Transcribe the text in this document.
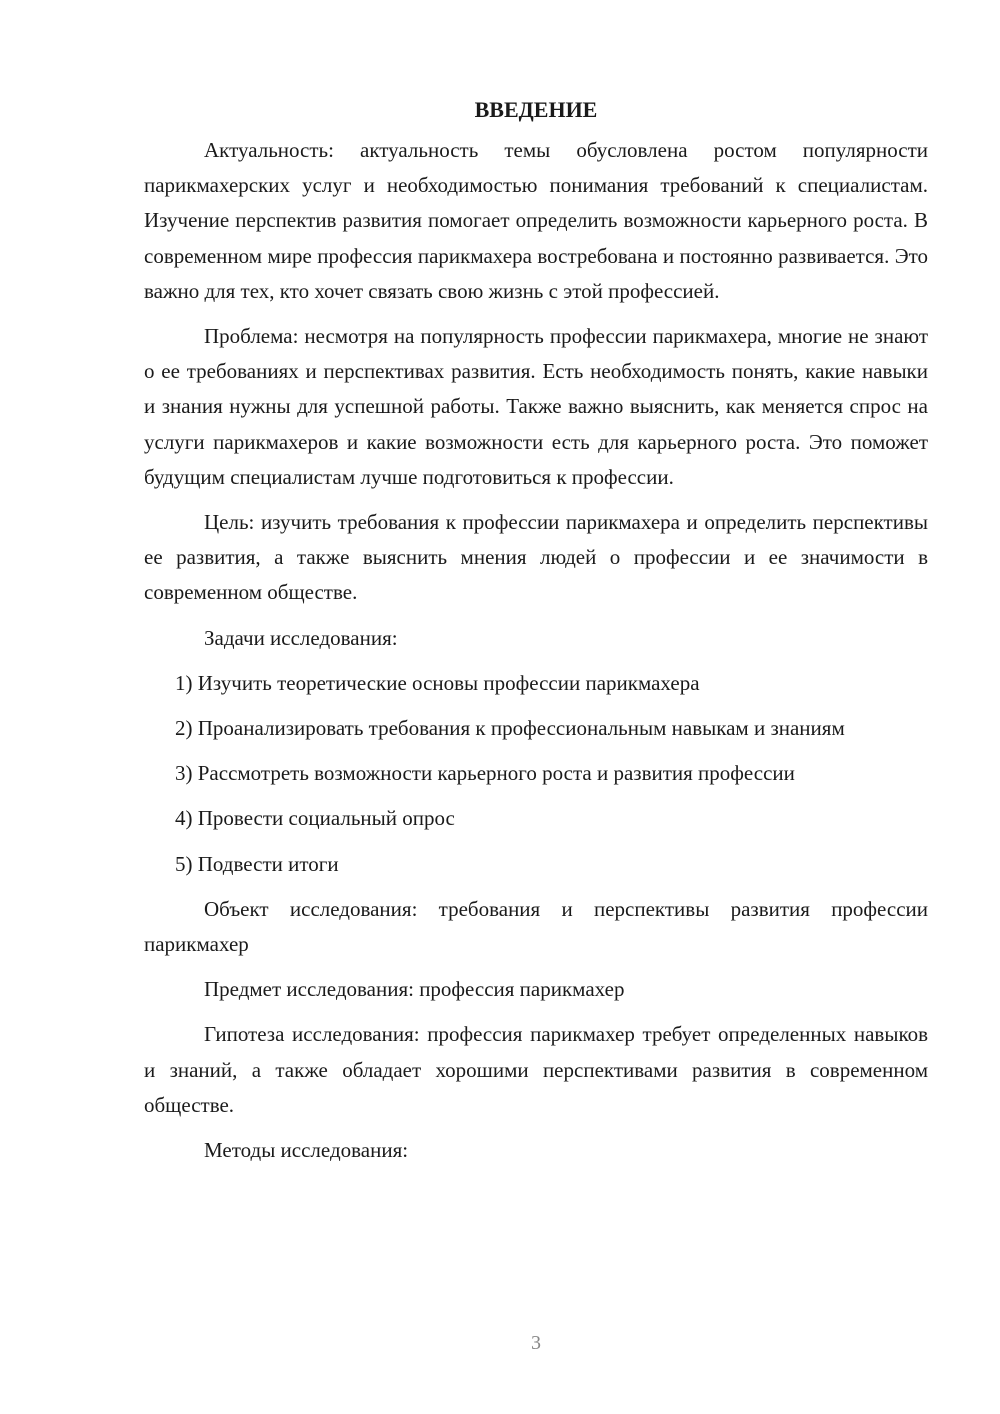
ВВЕДЕНИЕ

Актуальность: актуальность темы обусловлена ростом популярности парикмахерских услуг и необходимостью понимания требований к специалистам. Изучение перспектив развития помогает определить возможности карьерного роста. В современном мире профессия парикмахера востребована и постоянно развивается. Это важно для тех, кто хочет связать свою жизнь с этой профессией.

Проблема: несмотря на популярность профессии парикмахера, многие не знают о ее требованиях и перспективах развития. Есть необходимость понять, какие навыки и знания нужны для успешной работы. Также важно выяснить, как меняется спрос на услуги парикмахеров и какие возможности есть для карьерного роста. Это поможет будущим специалистам лучше подготовиться к профессии.

Цель: изучить требования к профессии парикмахера и определить перспективы ее развития, а также выяснить мнения людей о профессии и ее значимости в современном обществе.

Задачи исследования:

1) Изучить теоретические основы профессии парикмахера

2) Проанализировать требования к профессиональным навыкам и знаниям

3) Рассмотреть возможности карьерного роста и развития профессии

4) Провести социальный опрос

5) Подвести итоги

Объект исследования: требования и перспективы развития профессии парикмахер

Предмет исследования: профессия парикмахер

Гипотеза исследования: профессия парикмахер требует определенных навыков и знаний, а также обладает хорошими перспективами развития в современном обществе.

Методы исследования:

3
